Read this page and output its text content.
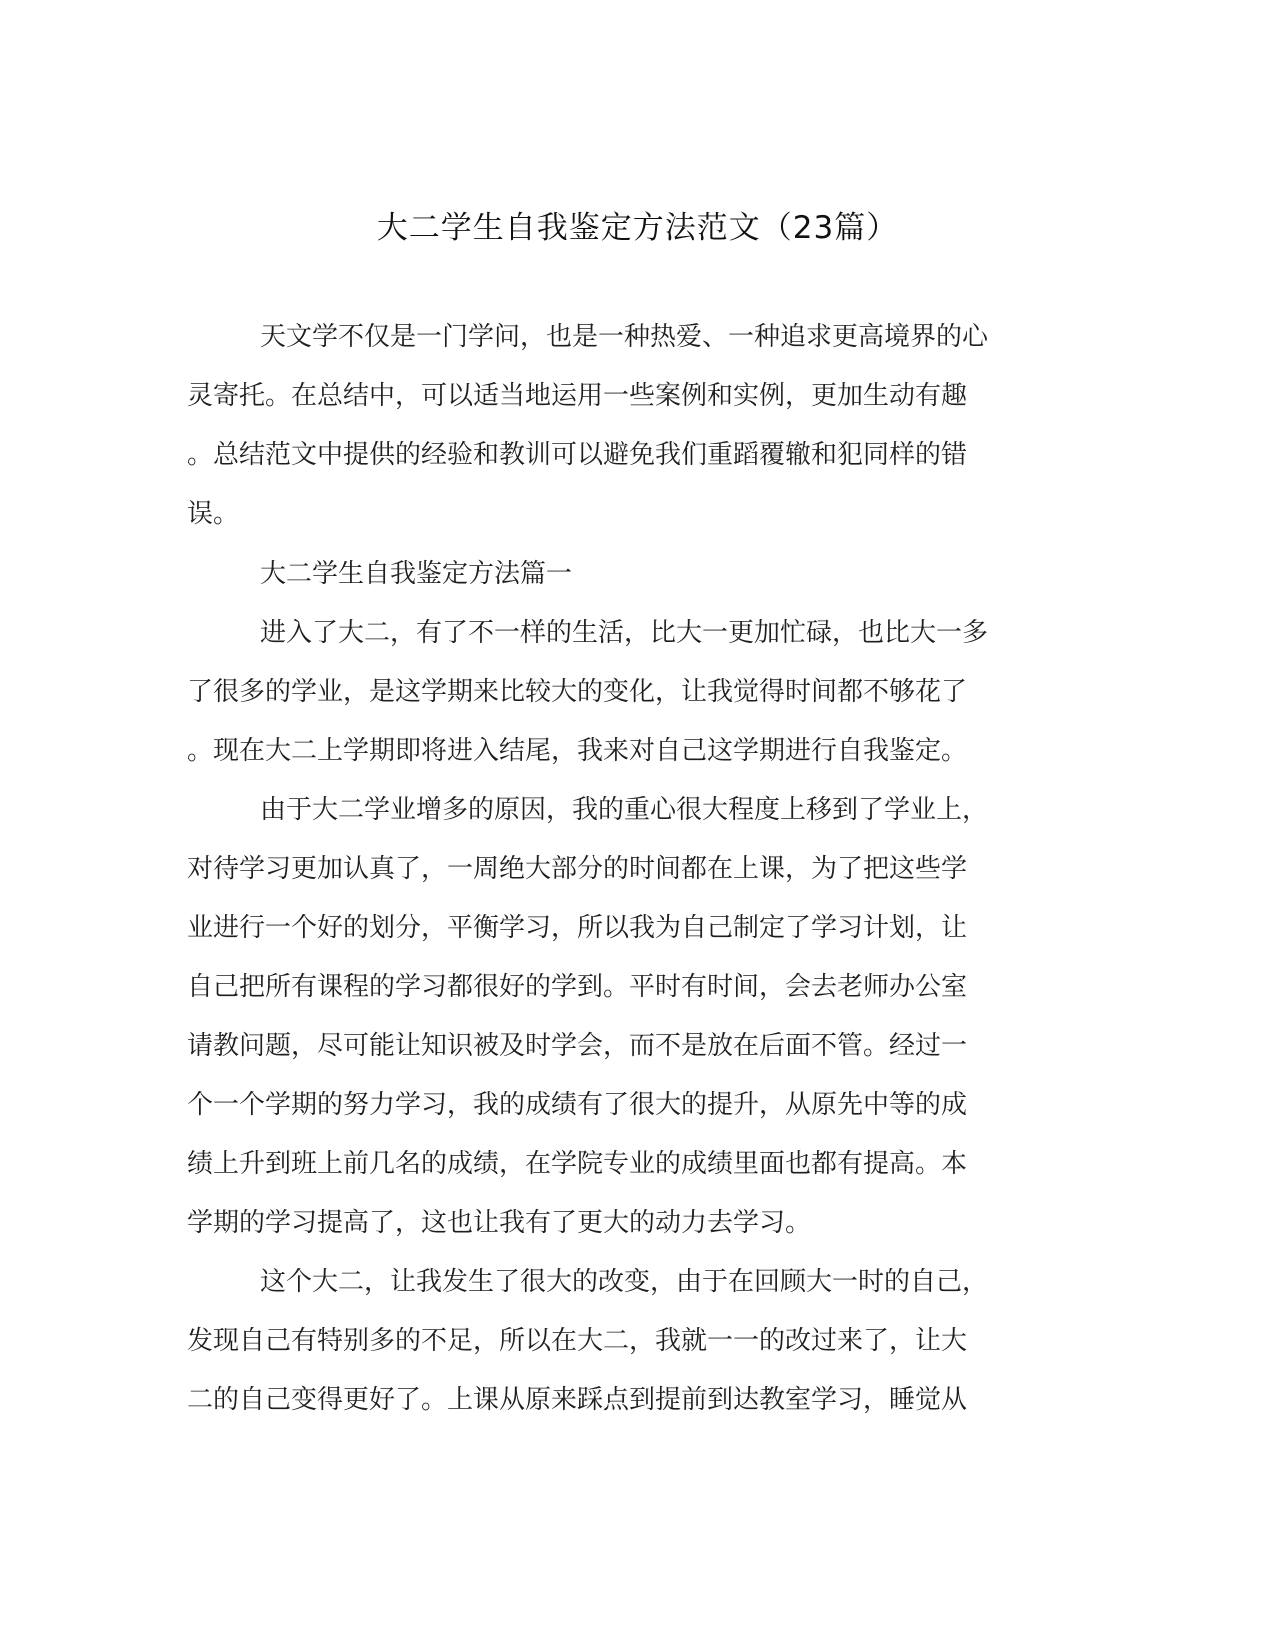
大二学生自我鉴定方法范文（23篇）

天文学不仅是一门学问，也是一种热爱、一种追求更高境界的心

灵寄托。在总结中，可以适当地运用一些案例和实例，更加生动有趣

。总结范文中提供的经验和教训可以避免我们重蹈覆辙和犯同样的错

误。

大二学生自我鉴定方法篇一

进入了大二，有了不一样的生活，比大一更加忙碌，也比大一多

了很多的学业，是这学期来比较大的变化，让我觉得时间都不够花了

。现在大二上学期即将进入结尾，我来对自己这学期进行自我鉴定。

由于大二学业增多的原因，我的重心很大程度上移到了学业上，

对待学习更加认真了，一周绝大部分的时间都在上课，为了把这些学

业进行一个好的划分，平衡学习，所以我为自己制定了学习计划，让

自己把所有课程的学习都很好的学到。平时有时间，会去老师办公室

请教问题，尽可能让知识被及时学会，而不是放在后面不管。经过一

个一个学期的努力学习，我的成绩有了很大的提升，从原先中等的成

绩上升到班上前几名的成绩，在学院专业的成绩里面也都有提高。本

学期的学习提高了，这也让我有了更大的动力去学习。

这个大二，让我发生了很大的改变，由于在回顾大一时的自己，

发现自己有特别多的不足，所以在大二，我就一一的改过来了，让大

二的自己变得更好了。上课从原来踩点到提前到达教室学习，睡觉从
